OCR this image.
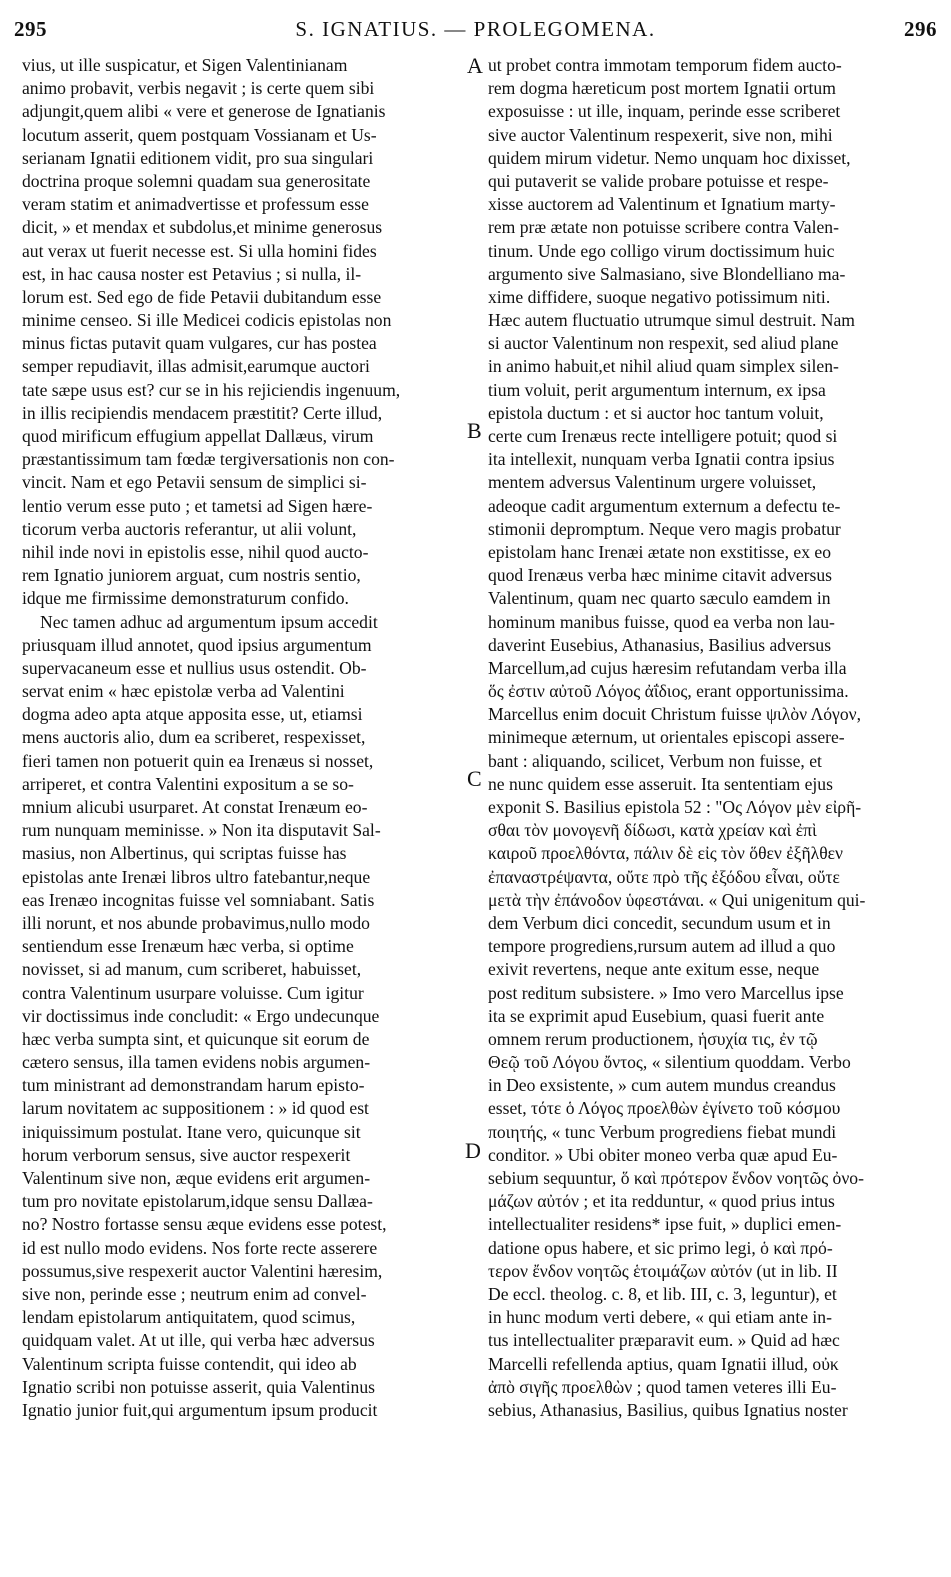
295	S. IGNATIUS. — PROLEGOMENA.	296
vius, ut ille suspicatur, et Sigen Valentinianam
animo probavit, verbis negavit ; is certe quem sibi
adjungit,quem alibi « vere et generose de Ignatianis
locutum asserit, quem postquam Vossianam et Us-
serianam Ignatii editionem vidit, pro sua singulari
doctrina proque solemni quadam sua generositate
veram statim et animadvertisse et professum esse
dicit, » et mendax et subdolus,et minime generosus
aut verax ut fuerit necesse est. Si ulla homini fides
est, in hac causa noster est Petavius ; si nulla, il-
lorum est. Sed ego de fide Petavii dubitandum esse
minime censeo. Si ille Medicei codicis epistolas non
minus fictas putavit quam vulgares, cur has postea
semper repudiavit, illas admisit,earumque auctori
tate sæpe usus est? cur se in his rejiciendis ingenuum,
in illis recipiendis mendacem præstitit? Certe illud,
quod mirificum effugium appellat Dallæus, virum
præstantissimum tam fœdæ tergiversationis non con-
vincit. Nam et ego Petavii sensum de simplici si-
lentio verum esse puto ; et tametsi ad Sigen hære-
ticorum verba auctoris referantur, ut alii volunt,
nihil inde novi in epistolis esse, nihil quod aucto-
rem Ignatio juniorem arguat, cum nostris sentio,
idque me firmissime demonstraturum confido.
Nec tamen adhuc ad argumentum ipsum accedit
priusquam illud annotet, quod ipsius argumentum
supervacaneum esse et nullius usus ostendit. Ob-
servat enim « hæc epistolæ verba ad Valentini
dogma adeo apta atque apposita esse, ut, etiamsi
mens auctoris alio, dum ea scriberet, respexisset,
fieri tamen non potuerit quin ea Irenæus si nosset,
arriperet, et contra Valentini expositum a se so-
mnium alicubi usurparet. At constat Irenæum eo-
rum nunquam meminisse. » Non ita disputavit Sal-
masius, non Albertinus, qui scriptas fuisse has
epistolas ante Irenæi libros ultro fatebantur,neque
eas Irenæo incognitas fuisse vel somniabant. Satis
illi norunt, et nos abunde probavimus,nullo modo
sentiendum esse Irenæum hæc verba, si optime
novisset, si ad manum, cum scriberet, habuisset,
contra Valentinum usurpare voluisse. Cum igitur
vir doctissimus inde concludit: « Ergo undecunque
hæc verba sumpta sint, et quicunque sit eorum de
cætero sensus, illa tamen evidens nobis argumen-
tum ministrant ad demonstrandam harum episto-
larum novitatem ac suppositionem : » id quod est
iniquissimum postulat. Itane vero, quicunque sit
horum verborum sensus, sive auctor respexerit
Valentinum sive non, æque evidens erit argumen-
tum pro novitate epistolarum,idque sensu Dallæa-
no? Nostro fortasse sensu æque evidens esse potest,
id est nullo modo evidens. Nos forte recte asserere
possumus,sive respexerit auctor Valentini hæresim,
sive non, perinde esse ; neutrum enim ad convel-
lendam epistolarum antiquitatem, quod scimus,
quidquam valet. At ut ille, qui verba hæc adversus
Valentinum scripta fuisse contendit, qui ideo ab
Ignatio scribi non potuisse asserit, quia Valentinus
Ignatio junior fuit,qui argumentum ipsum producit
ut probet contra immotam temporum fidem aucto-
rem dogma hæreticum post mortem Ignatii ortum
exposuisse : ut ille, inquam, perinde esse scriberet
sive auctor Valentinum respexerit, sive non, mihi
quidem mirum videtur. Nemo unquam hoc dixisset,
qui putaverit se valide probare potuisse et respe-
xisse auctorem ad Valentinum et Ignatium marty-
rem præ ætate non potuisse scribere contra Valen-
tinum. Unde ego colligo virum doctissimum huic
argumento sive Salmasiano, sive Blondelliano ma-
xime diffidere, suoque negativo potissimum niti.
Hæc autem fluctuatio utrumque simul destruit. Nam
si auctor Valentinum non respexit, sed aliud plane
in animo habuit,et nihil aliud quam simplex silen-
tium voluit, perit argumentum internum, ex ipsa
epistola ductum : et si auctor hoc tantum voluit,
certe cum Irenæus recte intelligere potuit; quod si
ita intellexit, nunquam verba Ignatii contra ipsius
mentem adversus Valentinum urgere voluisset,
adeoque cadit argumentum externum a defectu te-
stimonii depromptum. Neque vero magis probatur
epistolam hanc Irenæi ætate non exstitisse, ex eo
quod Irenæus verba hæc minime citavit adversus
Valentinum, quam nec quarto sæculo eamdem in
hominum manibus fuisse, quod ea verba non lau-
daverint Eusebius, Athanasius, Basilius adversus
Marcellum,ad cujus hæresim refutandam verba illa
ὅς ἐστιν αὐτοῦ Λόγος ἀΐδιος, erant opportunissima.
Marcellus enim docuit Christum fuisse ψιλὸν Λόγον,
minimeque æternum, ut orientales episcopi assere-
bant : aliquando, scilicet, Verbum non fuisse, et
ne nunc quidem esse asseruit. Ita sententiam ejus
exponit S. Basilius epistola 52 : "Ος Λόγον μὲν εἰρῆ-
σθαι τὸν μονογενῆ δίδωσι, κατὰ χρείαν καὶ ἐπὶ
καιροῦ προελθόντα, πάλιν δὲ εἰς τὸν ὅθεν ἐξῆλθεν
ἐπαναστρέψαντα, οὔτε πρὸ τῆς ἐξόδου εἶναι, οὔτε
μετὰ τὴν ἐπάνοδον ὑφεστάναι. « Qui unigenitum qui-
dem Verbum dici concedit, secundum usum et in
tempore progrediens,rursum autem ad illud a quo
exivit revertens, neque ante exitum esse, neque
post reditum subsistere. » Imo vero Marcellus ipse
ita se exprimit apud Eusebium, quasi fuerit ante
omnem rerum productionem, ἡσυχία τις, ἐν τῷ
Θεῷ τοῦ Λόγου ὄντος, « silentium quoddam. Verbo
in Deo exsistente, » cum autem mundus creandus
esset, τότε ὁ Λόγος προελθὼν ἐγίνετο τοῦ κόσμου
ποιητής, « tunc Verbum progrediens fiebat mundi
conditor. » Ubi obiter moneo verba quæ apud Eu-
sebium sequuntur, ὅ καὶ πρότερον ἔνδον νοητῶς ὀνο-
μάζων αὐτόν ; et ita redduntur, « quod prius intus
intellectualiter residens* ipse fuit, » duplici emen-
datione opus habere, et sic primo legi, ὁ καὶ πρό-
τερον ἔνδον νοητῶς ἑτοιμάζων αὐτόν (ut in lib. II
De eccl. theolog. c. 8, et lib. III, c. 3, leguntur), et
in hunc modum verti debere, « qui etiam ante in-
tus intellectualiter præparavit eum. » Quid ad hæc
Marcelli refellenda aptius, quam Ignatii illud, οὐκ
ἀπὸ σιγῆς προελθὼν ; quod tamen veteres illi Eu-
sebius, Athanasius, Basilius, quibus Ignatius noster
A
B
C
D
